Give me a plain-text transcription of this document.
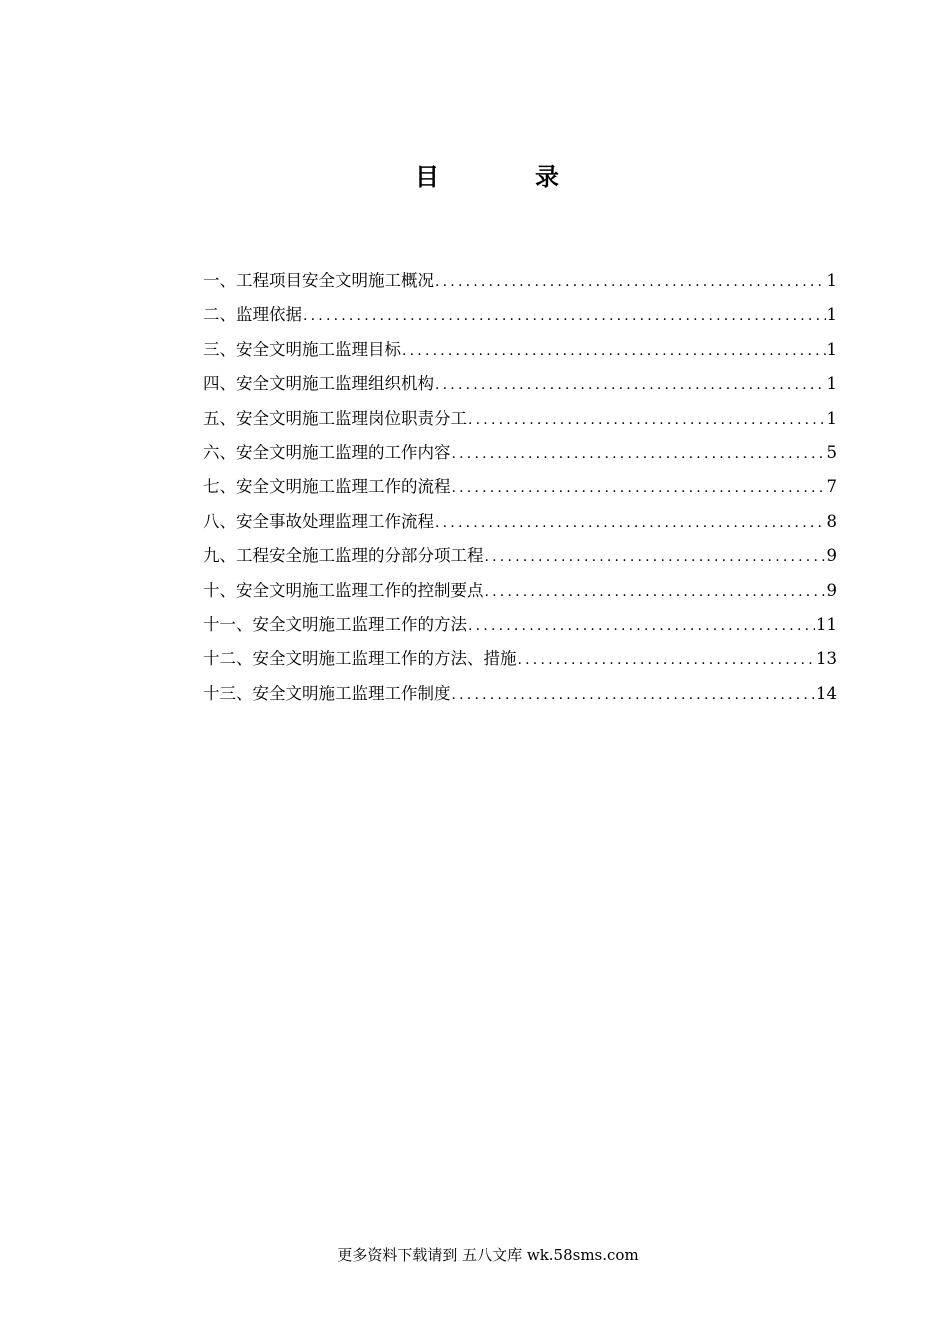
目　录
一、工程项目安全文明施工概况 .....	1
二、监理依据 .....	1
三、安全文明施工监理目标 .....	1
四、安全文明施工监理组织机构 .....	1
五、安全文明施工监理岗位职责分工 .....	1
六、安全文明施工监理的工作内容 .....	5
七、安全文明施工监理工作的流程 .....	7
八、安全事故处理监理工作流程 .....	8
九、工程安全施工监理的分部分项工程 .....	9
十、安全文明施工监理工作的控制要点 .....	9
十一、安全文明施工监理工作的方法 .....	11
十二、安全文明施工监理工作的方法、措施 .....	13
十三、安全文明施工监理工作制度 .....	14
更多资料下载请到 五八文库 wk.58sms.com
